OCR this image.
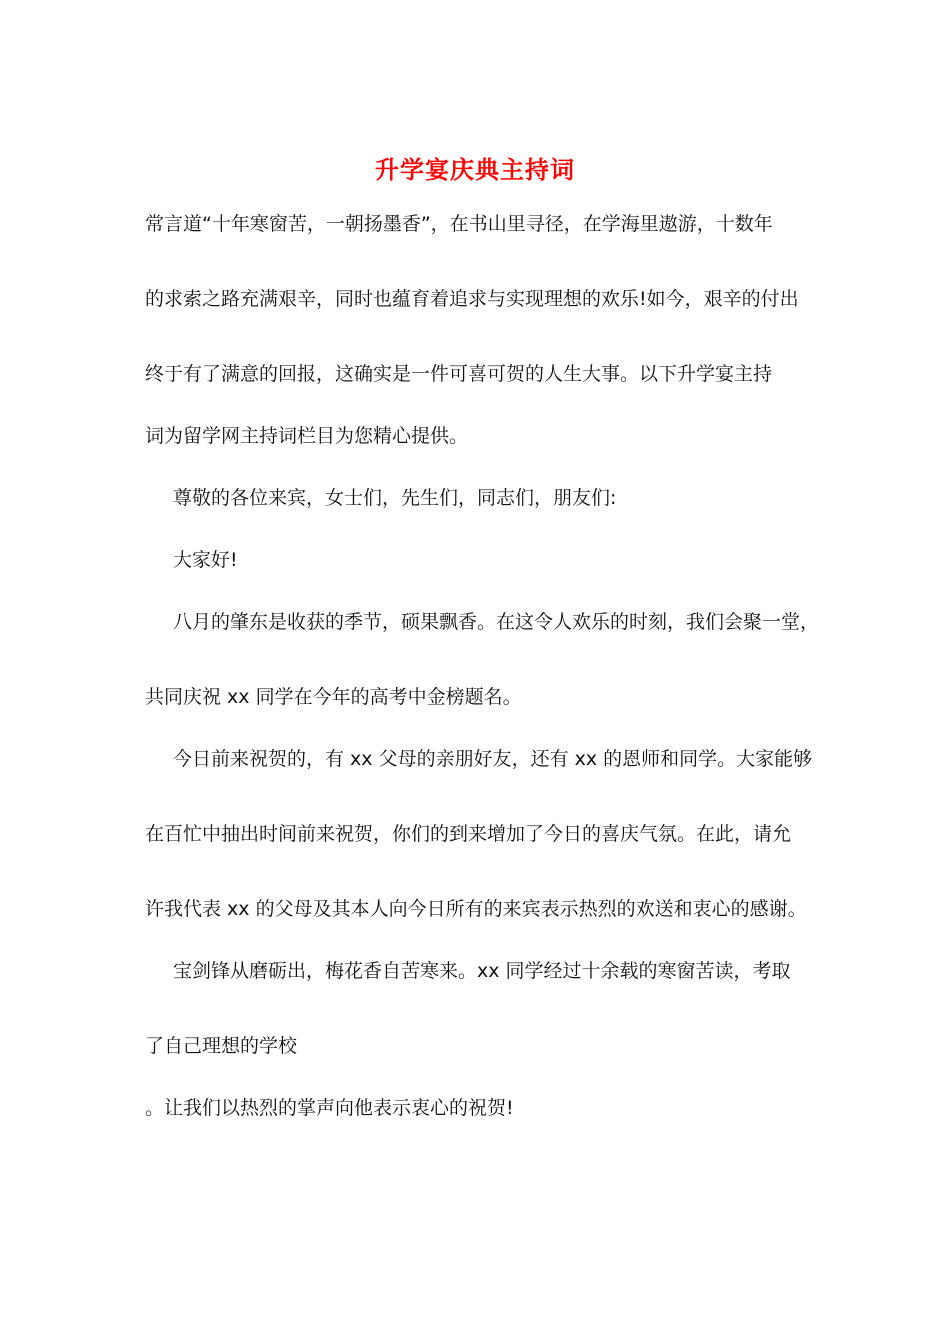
升学宴庆典主持词

常言道“十年寒窗苦，一朝扬墨香”，在书山里寻径，在学海里遨游，十数年

的求索之路充满艰辛，同时也蕴育着追求与实现理想的欢乐!如今，艰辛的付出

终于有了满意的回报，这确实是一件可喜可贺的人生大事。以下升学宴主持

词为留学网主持词栏目为您精心提供。

尊敬的各位来宾，女士们，先生们，同志们，朋友们:

大家好!

八月的肇东是收获的季节，硕果飘香。在这令人欢乐的时刻，我们会聚一堂，

共同庆祝 xx 同学在今年的高考中金榜题名。

今日前来祝贺的，有 xx 父母的亲朋好友，还有 xx 的恩师和同学。大家能够

在百忙中抽出时间前来祝贺，你们的到来增加了今日的喜庆气氛。在此，请允

许我代表 xx 的父母及其本人向今日所有的来宾表示热烈的欢送和衷心的感谢。

宝剑锋从磨砺出，梅花香自苦寒来。xx 同学经过十余载的寒窗苦读，考取

了自己理想的学校

。让我们以热烈的掌声向他表示衷心的祝贺!
